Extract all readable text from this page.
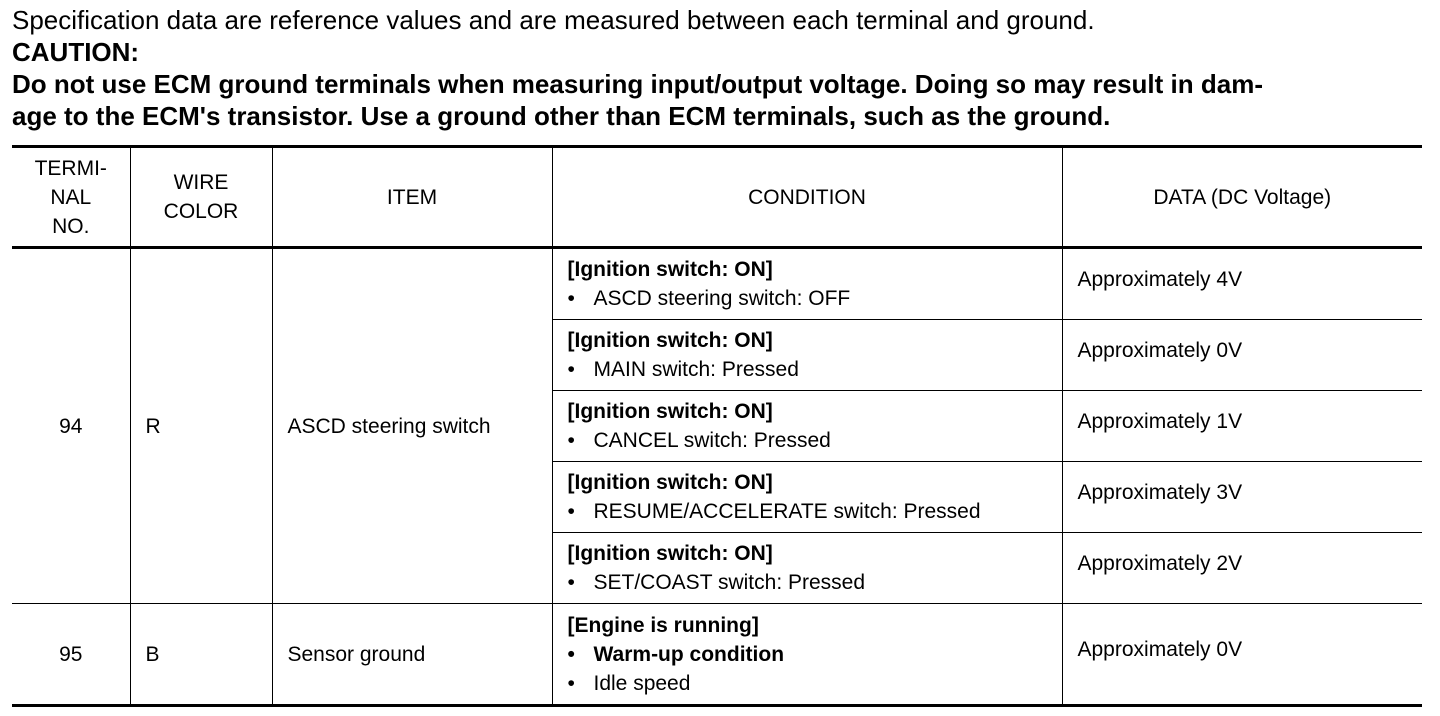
Specification data are reference values and are measured between each terminal and ground.

CAUTION:

Do not use ECM ground terminals when measuring input/output voltage. Doing so may result in dam-

age to the ECM's transistor. Use a ground other than ECM terminals, such as the ground.

TERMI-
NAL
NO.	WIRE
COLOR	ITEM	CONDITION	DATA (DC Voltage)
94	R	ASCD steering switch	[Ignition switch: ON]
• ASCD steering switch: OFF	Approximately 4V

			[Ignition switch: ON]
• MAIN switch: Pressed	Approximately 0V

			[Ignition switch: ON]
• CANCEL switch: Pressed	Approximately 1V

			[Ignition switch: ON]
• RESUME/ACCELERATE switch: Pressed	Approximately 3V

			[Ignition switch: ON]
• SET/COAST switch: Pressed	Approximately 2V
95	B	Sensor ground	[Engine is running]
• Warm-up condition
• Idle speed	Approximately 0V
